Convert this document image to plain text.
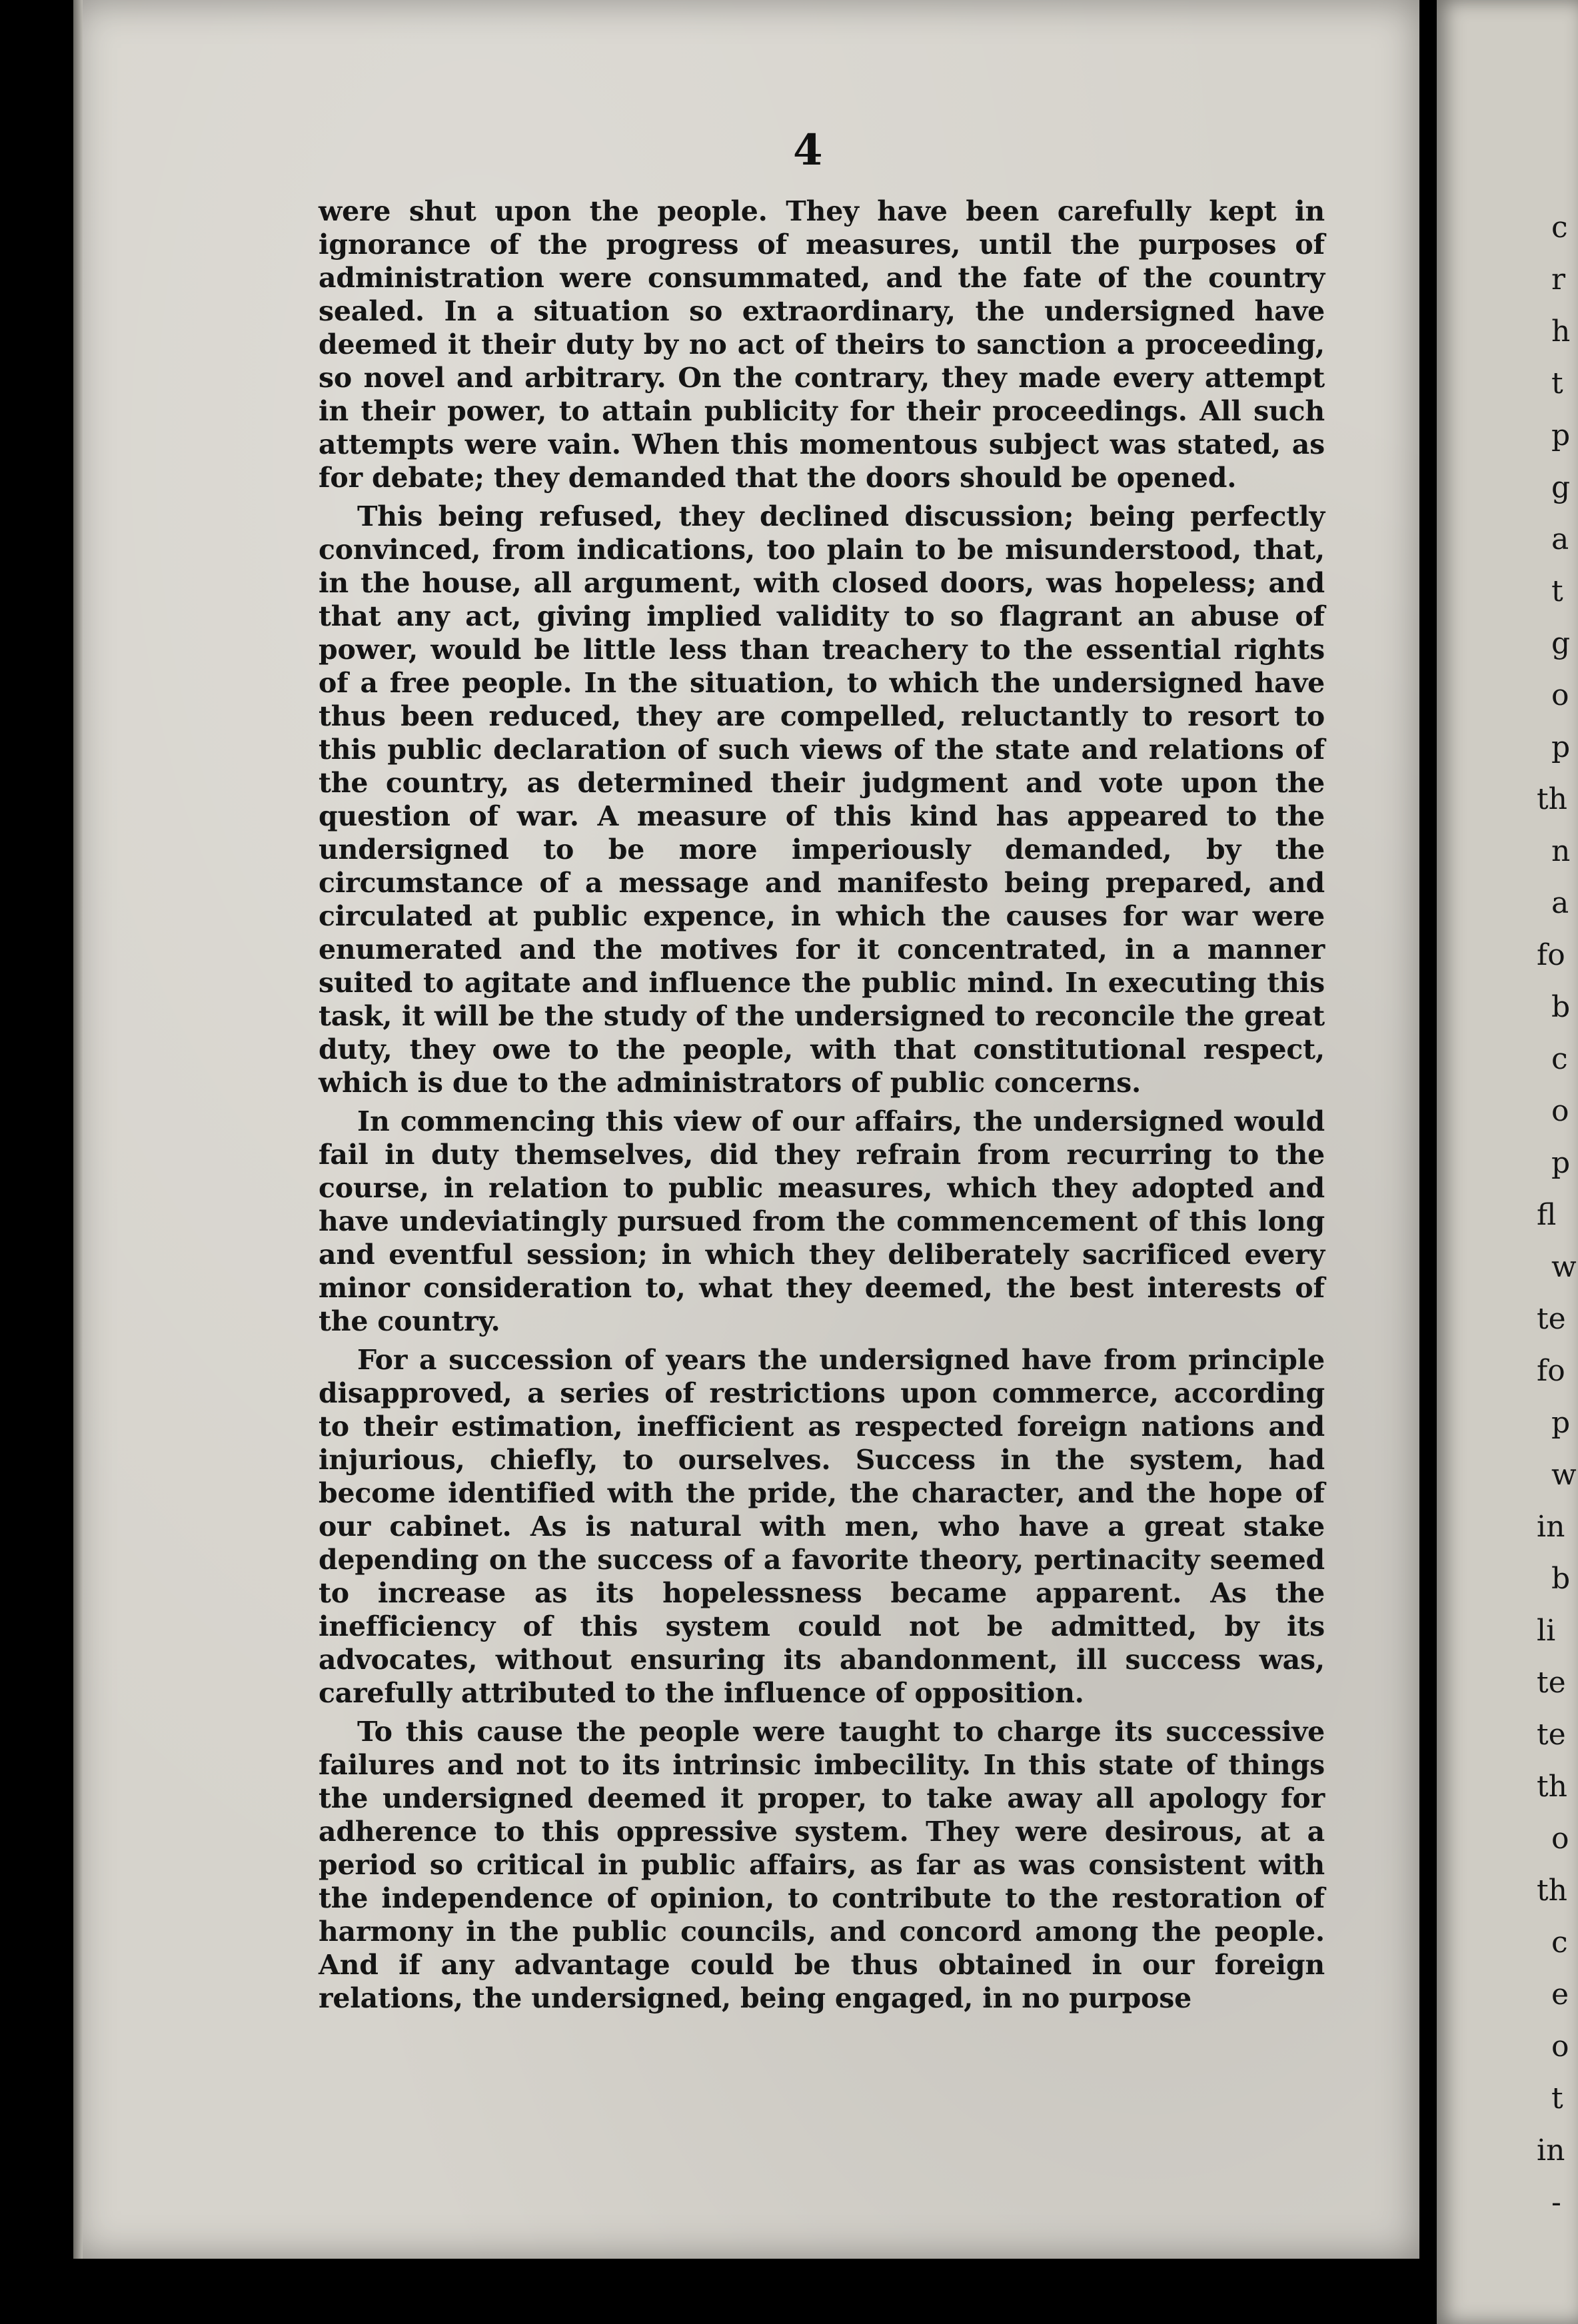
4

were shut upon the people. They have been carefully kept in ignorance of the progress of measures, until the purposes of administration were consummated, and the fate of the country sealed. In a situation so extraordinary, the undersigned have deemed it their duty by no act of theirs to sanction a proceeding, so novel and arbitrary. On the contrary, they made every attempt in their power, to attain publicity for their proceedings. All such attempts were vain. When this momentous subject was stated, as for debate; they demanded that the doors should be opened.

This being refused, they declined discussion; being perfectly convinced, from indications, too plain to be misunderstood, that, in the house, all argument, with closed doors, was hopeless; and that any act, giving implied validity to so flagrant an abuse of power, would be little less than treachery to the essential rights of a free people. In the situation, to which the undersigned have thus been reduced, they are compelled, reluctantly to resort to this public declaration of such views of the state and relations of the country, as determined their judgment and vote upon the question of war. A measure of this kind has appeared to the undersigned to be more imperiously demanded, by the circumstance of a message and manifesto being prepared, and circulated at public expence, in which the causes for war were enumerated and the motives for it concentrated, in a manner suited to agitate and influence the public mind. In executing this task, it will be the study of the undersigned to reconcile the great duty, they owe to the people, with that constitutional respect, which is due to the administrators of public concerns.

In commencing this view of our affairs, the undersigned would fail in duty themselves, did they refrain from recurring to the course, in relation to public measures, which they adopted and have undeviatingly pursued from the commencement of this long and eventful session; in which they deliberately sacrificed every minor consideration to, what they deemed, the best interests of the country.

For a succession of years the undersigned have from principle disapproved, a series of restrictions upon commerce, according to their estimation, inefficient as respected foreign nations and injurious, chiefly, to ourselves. Success in the system, had become identified with the pride, the character, and the hope of our cabinet. As is natural with men, who have a great stake depending on the success of a favorite theory, pertinacity seemed to increase as its hopelessness became apparent. As the inefficiency of this system could not be admitted, by its advocates, without ensuring its abandonment, ill success was, carefully attributed to the influence of opposition.

To this cause the people were taught to charge its successive failures and not to its intrinsic imbecility. In this state of things the undersigned deemed it proper, to take away all apology for adherence to this oppressive system. They were desirous, at a period so critical in public affairs, as far as was consistent with the independence of opinion, to contribute to the restoration of harmony in the public councils, and concord among the people. And if any advantage could be thus obtained in our foreign relations, the undersigned, being engaged, in no purpose

c
r
h
t
p
g
a
t
g
o
p
th
n
a
fo
b
c
o
p
fl
w
te
fo
p
w
in
b
li
te
te
th
o
th
c
e
o
t
in
-
